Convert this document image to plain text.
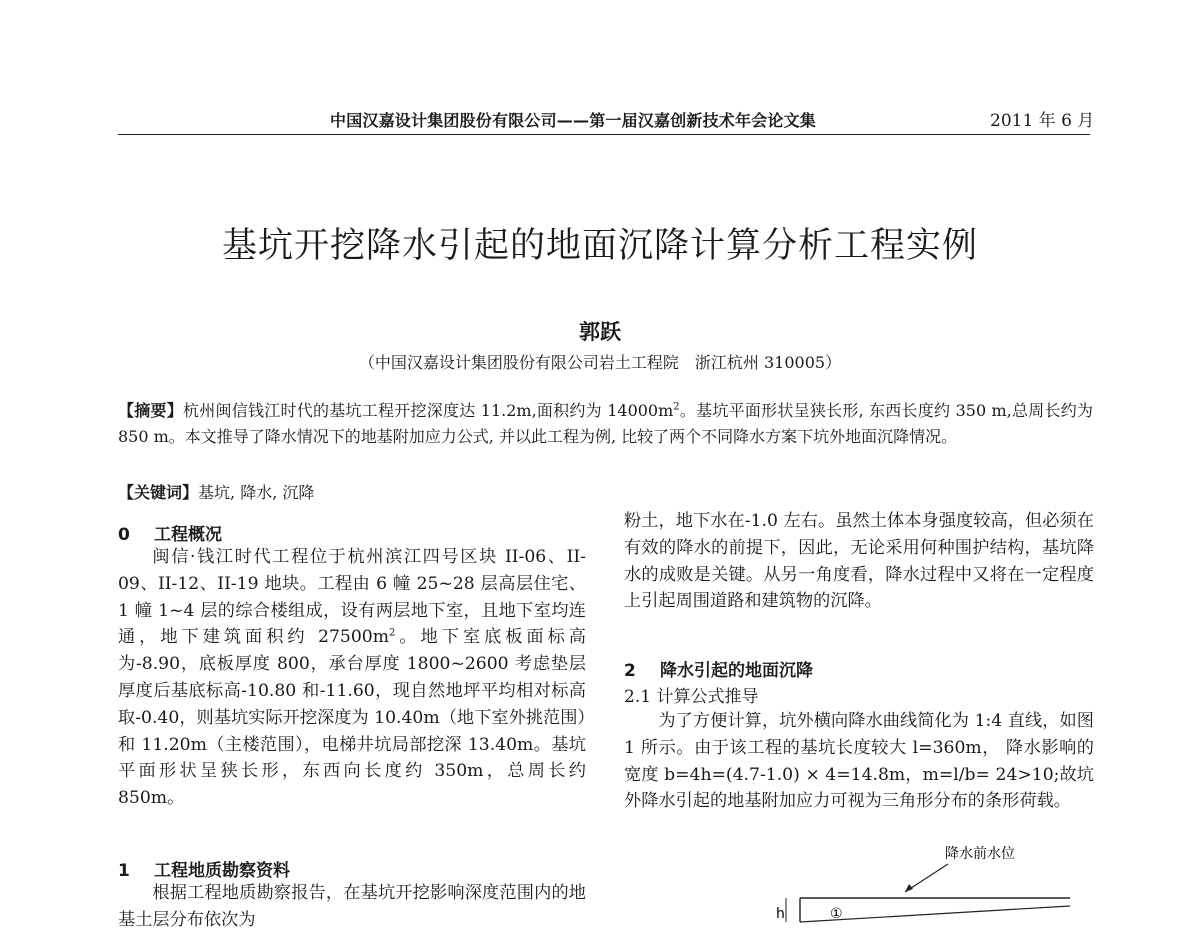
中国汉嘉设计集团股份有限公司——第一届汉嘉创新技术年会论文集	2011 年 6 月
基坑开挖降水引起的地面沉降计算分析工程实例
郭跃
（中国汉嘉设计集团股份有限公司岩土工程院　浙江杭州 310005）
【摘要】杭州闽信钱江时代的基坑工程开挖深度达 11.2m,面积约为 $14000m^2$。基坑平面形状呈狭长形, 东西长度约 350 m,总周长约为 850 m。本文推导了降水情况下的地基附加应力公式, 并以此工程为例, 比较了两个不同降水方案下坑外地面沉降情况。
【关键词】基坑, 降水, 沉降
0 工程概况

闽信·钱江时代工程位于杭州滨江四号区块 II-06、II-09、II-12、II-19 地块。工程由 6 幢 25~28 层高层住宅、1 幢 1~4 层的综合楼组成，设有两层地下室，且地下室均连通，地下建筑面积约 $27500m^2$。地下室底板面标高为-8.90，底板厚度 800，承台厚度 1800~2600 考虑垫层厚度后基底标高-10.80 和-11.60，现自然地坪平均相对标高取-0.40，则基坑实际开挖深度为 10.40m（地下室外挑范围）和 11.20m（主楼范围），电梯井坑局部挖深 13.40m。基坑平面形状呈狭长形，东西向长度约 350m，总周长约 850m。

1 工程地质勘察资料

根据工程地质勘察报告，在基坑开挖影响深度范围内的地基土层分布依次为

粉土，地下水在-1.0 左右。虽然土体本身强度较高，但必须在有效的降水的前提下，因此，无论采用何种围护结构，基坑降水的成败是关键。从另一角度看，降水过程中又将在一定程度上引起周围道路和建筑物的沉降。

2 降水引起的地面沉降
2.1 计算公式推导

为了方便计算，坑外横向降水曲线简化为 1:4 直线，如图 1 所示。由于该工程的基坑长度较大 l=360m， 降水影响的宽度 b=4h=(4.7-1.0) × 4=14.8m，m=l/b= 24>10;故坑外降水引起的地基附加应力可视为三角形分布的条形荷载。

降水前水位
h	①
